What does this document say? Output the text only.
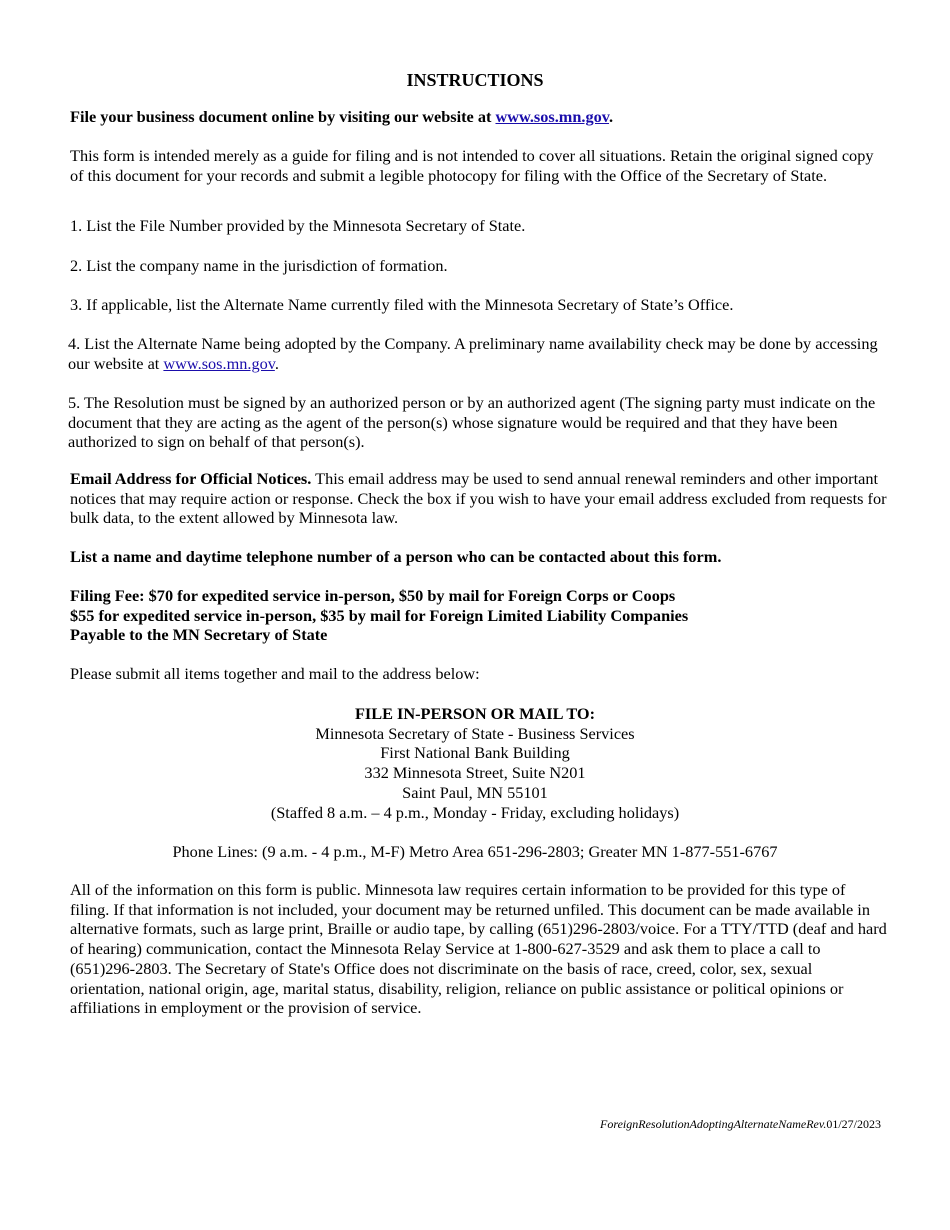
INSTRUCTIONS

File your business document online by visiting our website at www.sos.mn.gov.

This form is intended merely as a guide for filing and is not intended to cover all situations. Retain the original signed copy of this document for your records and submit a legible photocopy for filing with the Office of the Secretary of State.

1. List the File Number provided by the Minnesota Secretary of State.

2. List the company name in the jurisdiction of formation.

3. If applicable, list the Alternate Name currently filed with the Minnesota Secretary of State’s Office.

4. List the Alternate Name being adopted by the Company. A preliminary name availability check may be done by accessing our website at www.sos.mn.gov.

5. The Resolution must be signed by an authorized person or by an authorized agent (The signing party must indicate on the document that they are acting as the agent of the person(s) whose signature would be required and that they have been authorized to sign on behalf of that person(s).

Email Address for Official Notices. This email address may be used to send annual renewal reminders and other important notices that may require action or response. Check the box if you wish to have your email address excluded from requests for bulk data, to the extent allowed by Minnesota law.

List a name and daytime telephone number of a person who can be contacted about this form.

Filing Fee: $70 for expedited service in-person, $50 by mail for Foreign Corps or Coops
$55 for expedited service in-person, $35 by mail for Foreign Limited Liability Companies
Payable to the MN Secretary of State

Please submit all items together and mail to the address below:

FILE IN-PERSON OR MAIL TO:
Minnesota Secretary of State - Business Services
First National Bank Building
332 Minnesota Street, Suite N201
Saint Paul, MN 55101
(Staffed 8 a.m. – 4 p.m., Monday - Friday, excluding holidays)

Phone Lines: (9 a.m. - 4 p.m., M-F) Metro Area 651-296-2803; Greater MN 1-877-551-6767

All of the information on this form is public. Minnesota law requires certain information to be provided for this type of filing. If that information is not included, your document may be returned unfiled. This document can be made available in alternative formats, such as large print, Braille or audio tape, by calling (651)296-2803/voice. For a TTY/TTD (deaf and hard of hearing) communication, contact the Minnesota Relay Service at 1-800-627-3529 and ask them to place a call to (651)296-2803. The Secretary of State's Office does not discriminate on the basis of race, creed, color, sex, sexual orientation, national origin, age, marital status, disability, religion, reliance on public assistance or political opinions or affiliations in employment or the provision of service.

ForeignResolutionAdoptingAlternateNameRev.01/27/2023
